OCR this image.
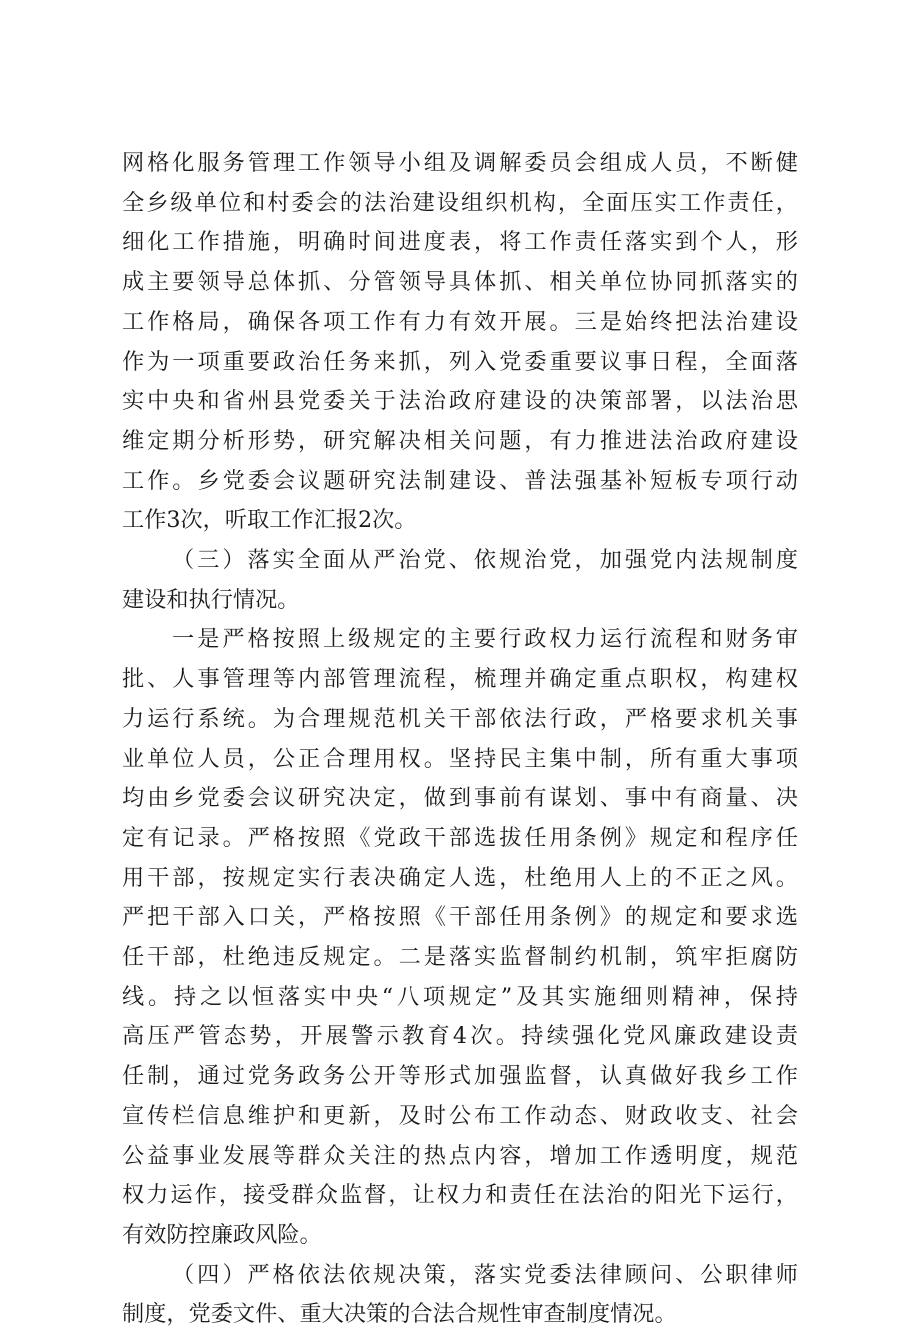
网格化服务管理工作领导小组及调解委员会组成人员，不断健
全乡级单位和村委会的法治建设组织机构，全面压实工作责任，
细化工作措施，明确时间进度表，将工作责任落实到个人，形
成主要领导总体抓、分管领导具体抓、相关单位协同抓落实的
工作格局，确保各项工作有力有效开展。三是始终把法治建设
作为一项重要政治任务来抓，列入党委重要议事日程，全面落
实中央和省州县党委关于法治政府建设的决策部署，以法治思
维定期分析形势，研究解决相关问题，有力推进法治政府建设
工作。乡党委会议题研究法制建设、普法强基补短板专项行动
工作3次，听取工作汇报2次。
（三）落实全面从严治党、依规治党，加强党内法规制度
建设和执行情况。
一是严格按照上级规定的主要行政权力运行流程和财务审
批、人事管理等内部管理流程，梳理并确定重点职权，构建权
力运行系统。为合理规范机关干部依法行政，严格要求机关事
业单位人员，公正合理用权。坚持民主集中制，所有重大事项
均由乡党委会议研究决定，做到事前有谋划、事中有商量、决
定有记录。严格按照《党政干部选拔任用条例》规定和程序任
用干部，按规定实行表决确定人选，杜绝用人上的不正之风。
严把干部入口关，严格按照《干部任用条例》的规定和要求选
任干部，杜绝违反规定。二是落实监督制约机制，筑牢拒腐防
线。持之以恒落实中央“八项规定”及其实施细则精神，保持
高压严管态势，开展警示教育4次。持续强化党风廉政建设责
任制，通过党务政务公开等形式加强监督，认真做好我乡工作
宣传栏信息维护和更新，及时公布工作动态、财政收支、社会
公益事业发展等群众关注的热点内容，增加工作透明度，规范
权力运作，接受群众监督，让权力和责任在法治的阳光下运行，
有效防控廉政风险。
（四）严格依法依规决策，落实党委法律顾问、公职律师
制度，党委文件、重大决策的合法合规性审查制度情况。
